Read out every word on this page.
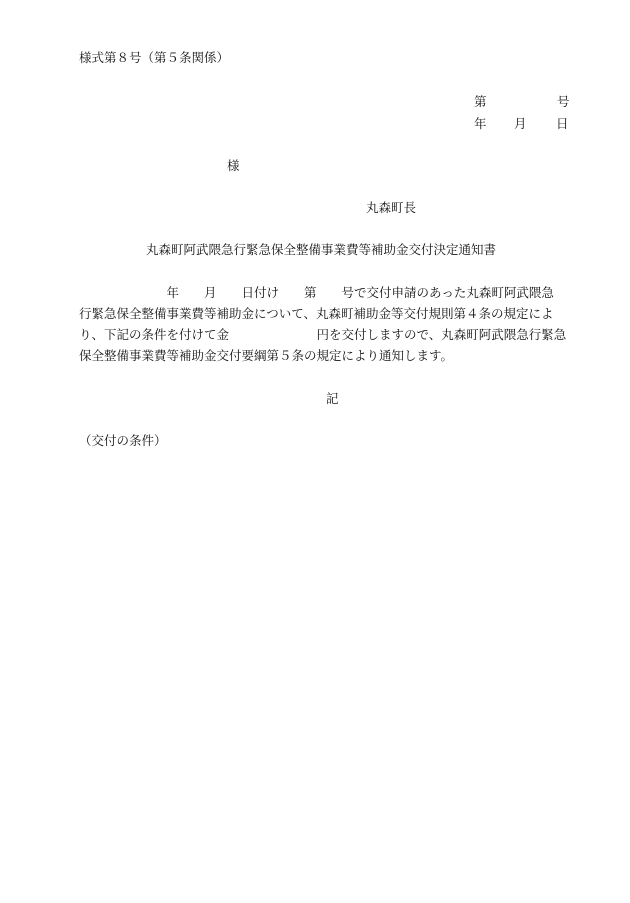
様式第８号（第５条関係）
第	号
年 月 日
様
丸森町長
丸森町阿武隈急行緊急保全整備事業費等補助金交付決定通知書
　　　　　　　年　　月　　日付け　　第　　号で交付申請のあった丸森町阿武隈急
行緊急保全整備事業費等補助金について、丸森町補助金等交付規則第４条の規定によ
り、下記の条件を付けて金　　　　　　　円を交付しますので、丸森町阿武隈急行緊急
保全整備事業費等補助金交付要綱第５条の規定により通知します。
記
（交付の条件）
